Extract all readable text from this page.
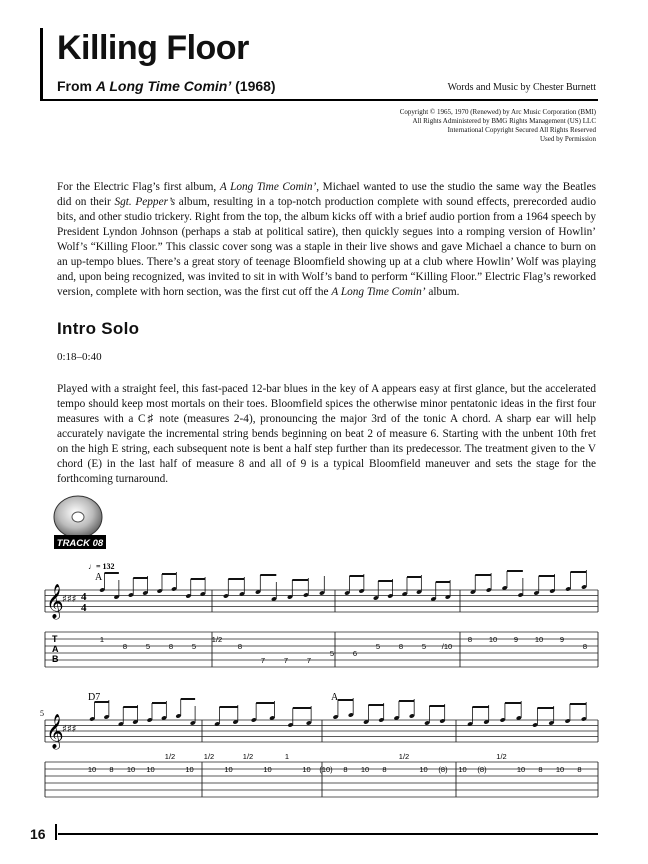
Killing Floor
From A Long Time Comin’ (1968)	Words and Music by Chester Burnett
Copyright © 1965, 1970 (Renewed) by Arc Music Corporation (BMI)
All Rights Administered by BMG Rights Management (US) LLC
International Copyright Secured All Rights Reserved
Used by Permission

For the Electric Flag’s first album, A Long Time Comin’, Michael wanted to use the studio the same way the Beatles did on their Sgt. Pepper’s album, resulting in a top-notch production complete with sound effects, prerecorded audio bits, and other studio trickery. Right from the top, the album kicks off with a brief audio portion from a 1964 speech by President Lyndon Johnson (perhaps a stab at political satire), then quickly segues into a romping version of Howlin’ Wolf’s “Killing Floor.” This classic cover song was a staple in their live shows and gave Michael a chance to burn on an up-tempo blues. There’s a great story of teenage Bloomfield showing up at a club where Howlin’ Wolf was playing and, upon being recognized, was invited to sit in with Wolf’s band to perform “Killing Floor.” Electric Flag’s reworked version, complete with horn section, was the first cut off the A Long Time Comin’ album.

Intro Solo
0:18–0:40

Played with a straight feel, this fast-paced 12-bar blues in the key of A appears easy at first glance, but the accelerated tempo should keep most mortals on their toes. Bloomfield spices the otherwise minor pentatonic ideas in the first four measures with a C♯ note (measures 2-4), pronouncing the major 3rd of the tonic A chord. A sharp ear will help accurately navigate the incremental string bends beginning on beat 2 of measure 6. Starting with the unbent 10th fret on the high E string, each subsequent note is bent a half step further than its predecessor. The treatment given to the V chord (E) in the last half of measure 8 and all of 9 is a typical Bloomfield maneuver and sets the stage for the forthcoming turnaround.

TRACK 08
♩= 132
A
𝄞
♯♯♯ 4
4
T
A
B
1
8	5	8	5
1/2
8
7	7	7
5	6
5	8	5 /10
8 10 9 10 9
8
5
D7	A
𝄞
♯♯♯
10 8 10 10
1/2
10
1/2
10
1/2
10
1
10 (10) 8 10 8
1/2
10 (8) 10 (8)
1/2
10 8 10 8
16
